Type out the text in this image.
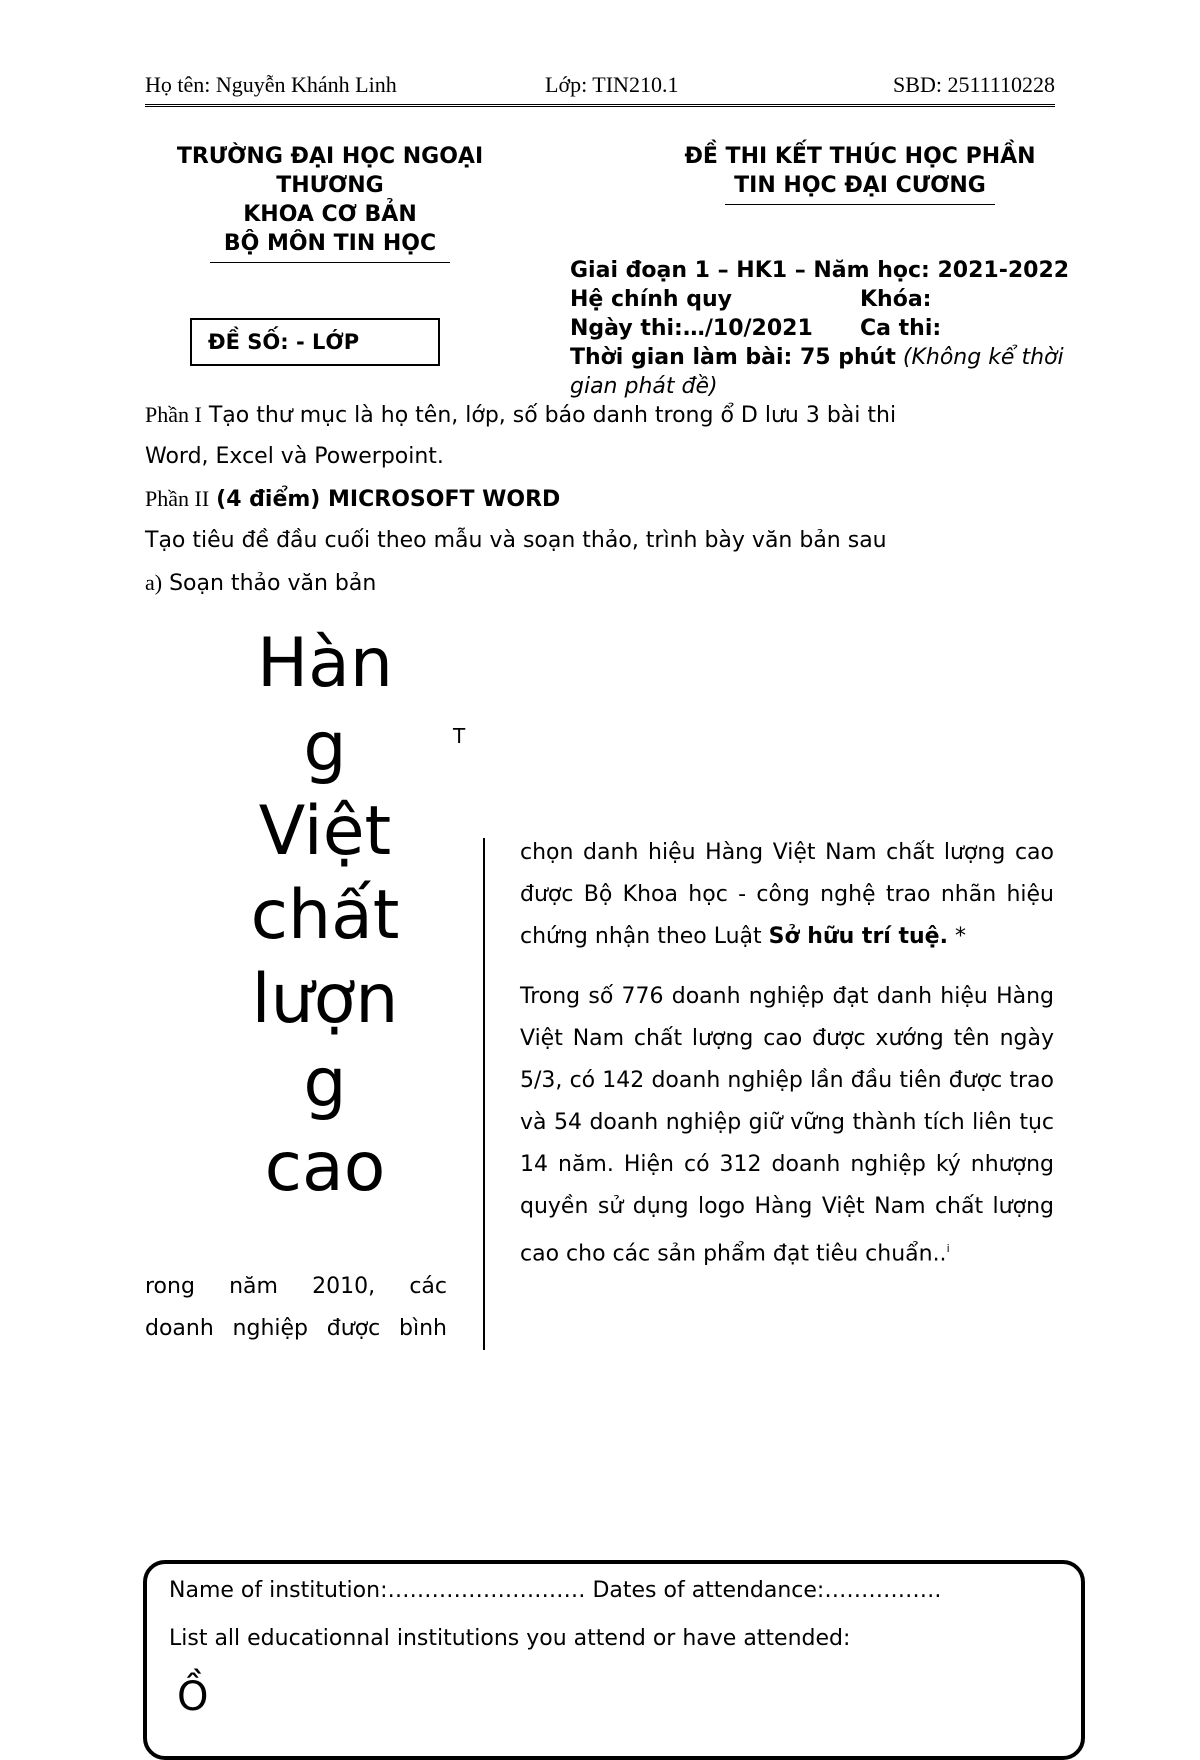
Họ tên: Nguyễn Khánh Linh	Lớp: TIN210.1	SBD: 2511110228
TRƯỜNG ĐẠI HỌC NGOẠI
THƯƠNG
KHOA CƠ BẢN
BỘ MÔN TIN HỌC
ĐỀ THI KẾT THÚC HỌC PHẦN
TIN HỌC ĐẠI CƯƠNG
ĐỀ SỐ: - LỚP
Giai đoạn 1 – HK1 – Năm học: 2021-2022
Hệ chính quy	Khóa:
Ngày thi:…/10/2021 Ca thi:
Thời gian làm bài: 75 phút (Không kể thời
gian phát đề)
Phần I Tạo thư mục là họ tên, lớp, số báo danh trong ổ D lưu 3 bài thi
Word, Excel và Powerpoint.
Phần II (4 điểm) MICROSOFT WORD
Tạo tiêu đề đầu cuối theo mẫu và soạn thảo, trình bày văn bản sau
a) Soạn thảo văn bản
Hàn
g
Việt
chất
lượn
g
cao
T
rong năm 2010, các
doanh nghiệp được bình

chọn danh hiệu Hàng Việt Nam chất lượng cao được Bộ Khoa học - công nghệ trao nhãn hiệu chứng nhận theo Luật Sở hữu trí tuệ. *

Trong số 776 doanh nghiệp đạt danh hiệu Hàng Việt Nam chất lượng cao được xướng tên ngày 5/3, có 142 doanh nghiệp lần đầu tiên được trao và 54 doanh nghiệp giữ vững thành tích liên tục 14 năm. Hiện có 312 doanh nghiệp ký nhượng quyền sử dụng logo Hàng Việt Nam chất lượng cao cho các sản phẩm đạt tiêu chuẩn..$^i$

Name of institution:……………………… Dates of attendance:…………….
List all educationnal institutions you attend or have attended:
Ồ
